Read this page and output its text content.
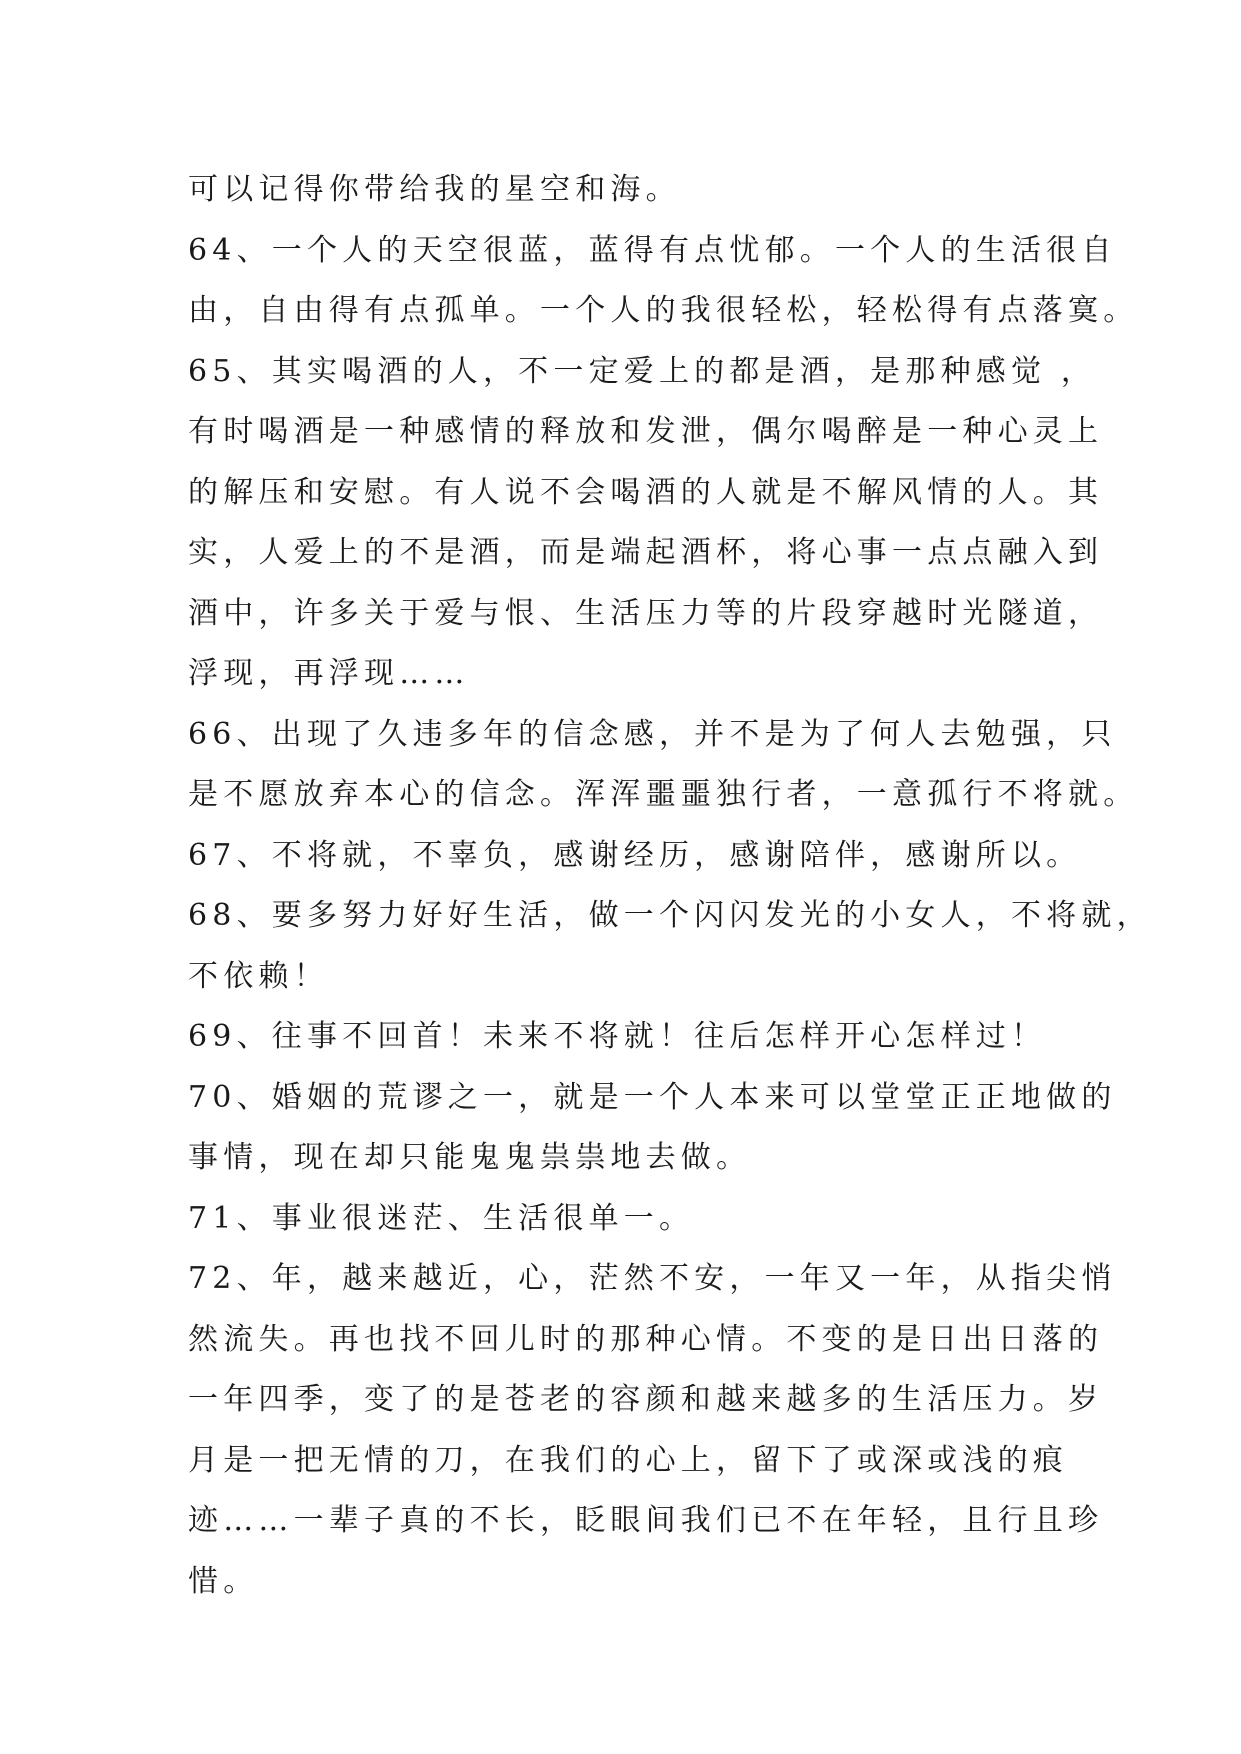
可以记得你带给我的星空和海。
64、一个人的天空很蓝，蓝得有点忧郁。一个人的生活很自
由，自由得有点孤单。一个人的我很轻松，轻松得有点落寞。
65、其实喝酒的人，不一定爱上的都是酒，是那种感觉 ，
有时喝酒是一种感情的释放和发泄，偶尔喝醉是一种心灵上
的解压和安慰。有人说不会喝酒的人就是不解风情的人。其
实，人爱上的不是酒，而是端起酒杯，将心事一点点融入到
酒中，许多关于爱与恨、生活压力等的片段穿越时光隧道，
浮现，再浮现……
66、出现了久违多年的信念感，并不是为了何人去勉强，只
是不愿放弃本心的信念。浑浑噩噩独行者，一意孤行不将就。
67、不将就，不辜负，感谢经历，感谢陪伴，感谢所以。
68、要多努力好好生活，做一个闪闪发光的小女人，不将就，
不依赖！
69、往事不回首！未来不将就！往后怎样开心怎样过！
70、婚姻的荒谬之一，就是一个人本来可以堂堂正正地做的
事情，现在却只能鬼鬼祟祟地去做。
71、事业很迷茫、生活很单一。
72、年，越来越近，心，茫然不安，一年又一年，从指尖悄
然流失。再也找不回儿时的那种心情。不变的是日出日落的
一年四季，变了的是苍老的容颜和越来越多的生活压力。岁
月是一把无情的刀，在我们的心上，留下了或深或浅的痕
迹……一辈子真的不长，眨眼间我们已不在年轻，且行且珍
惜。
